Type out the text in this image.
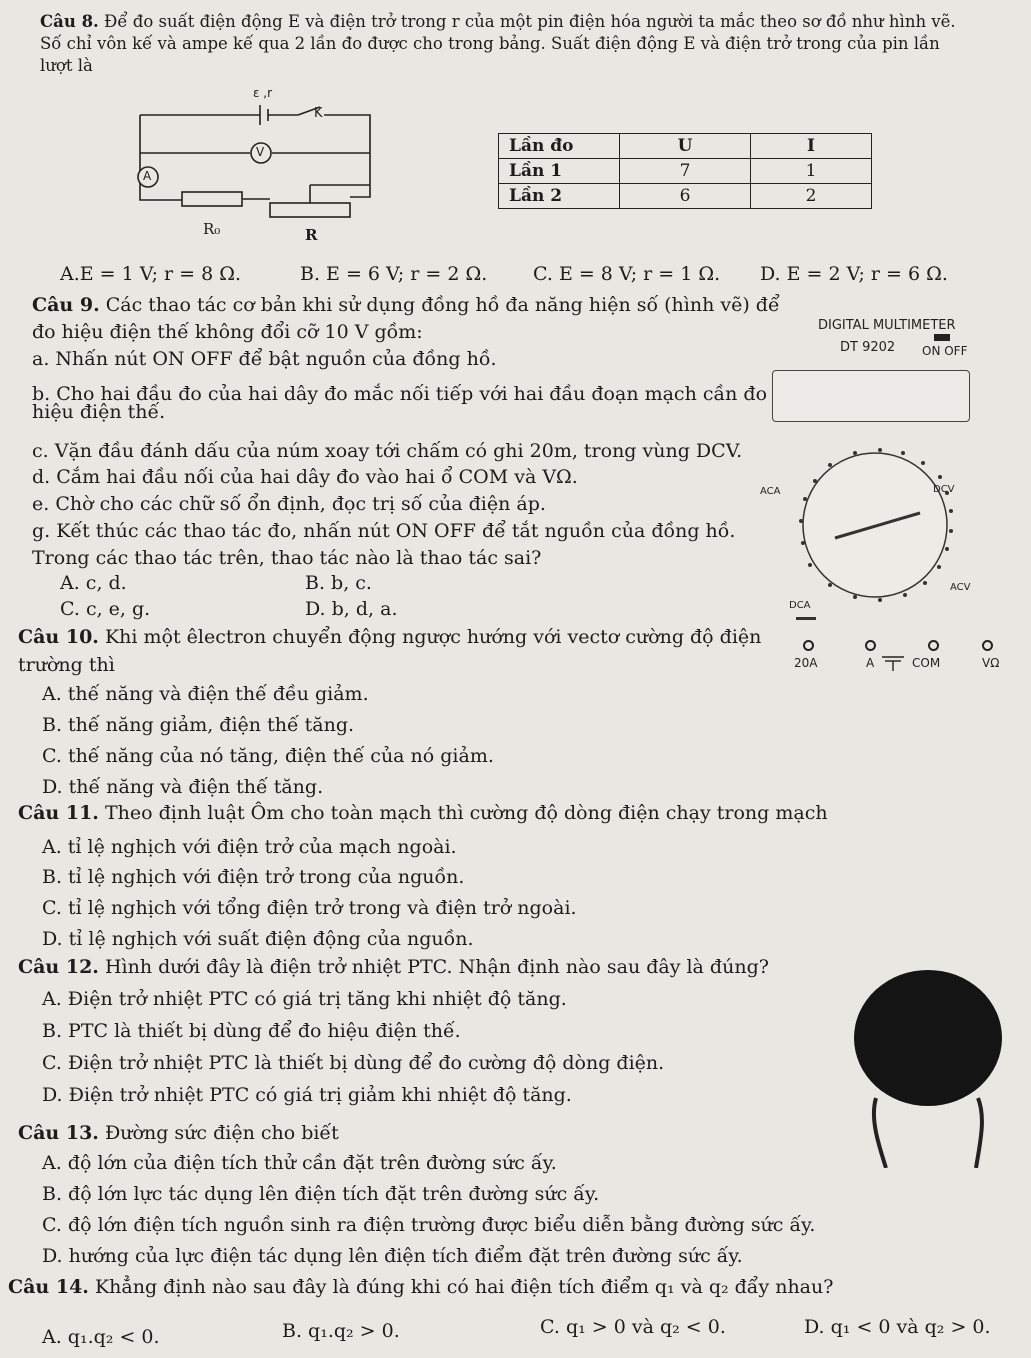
Câu 8. Để đo suất điện động E và điện trở trong r của một pin điện hóa người ta mắc theo sơ đồ như hình vẽ.
Số chỉ vôn kế và ampe kế qua 2 lần đo được cho trong bảng. Suất điện động E và điện trở trong của pin lần
lượt là
ε ,r
K
V
A
R₀	R
Lần đo	U	I
Lần 1	7	1
Lần 2	6	2
A.E = 1 V; r = 8 Ω.	B. E = 6 V; r = 2 Ω. C. E = 8 V; r = 1 Ω. D. E = 2 V; r = 6 Ω.
Câu 9. Các thao tác cơ bản khi sử dụng đồng hồ đa năng hiện số (hình vẽ) để
đo hiệu điện thế không đổi cỡ 10 V gồm:
a. Nhấn nút ON OFF để bật nguồn của đồng hồ.
b. Cho hai đầu đo của hai dây đo mắc nối tiếp với hai đầu đoạn mạch cần đo
hiệu điện thế.
c. Vặn đầu đánh dấu của núm xoay tới chấm có ghi 20m, trong vùng DCV.
d. Cắm hai đầu nối của hai dây đo vào hai ổ COM và VΩ.
e. Chờ cho các chữ số ổn định, đọc trị số của điện áp.
g. Kết thúc các thao tác đo, nhấn nút ON OFF để tắt nguồn của đồng hồ.
Trong các thao tác trên, thao tác nào là thao tác sai?
A. c, d.	B. b, c.
C. c, e, g.	D. b, d, a.
DIGITAL MULTIMETER
DT 9202 ON OFF
DCV
ACV
ACA
DCA
20A	A	COM	VΩ
Câu 10. Khi một êlectron chuyển động ngược hướng với vectơ cường độ điện
trường thì
A. thế năng và điện thế đều giảm.
B. thế năng giảm, điện thế tăng.
C. thế năng của nó tăng, điện thế của nó giảm.
D. thế năng và điện thế tăng.
Câu 11. Theo định luật Ôm cho toàn mạch thì cường độ dòng điện chạy trong mạch
A. tỉ lệ nghịch với điện trở của mạch ngoài.
B. tỉ lệ nghịch với điện trở trong của nguồn.
C. tỉ lệ nghịch với tổng điện trở trong và điện trở ngoài.
D. tỉ lệ nghịch với suất điện động của nguồn.
Câu 12. Hình dưới đây là điện trở nhiệt PTC. Nhận định nào sau đây là đúng?
A. Điện trở nhiệt PTC có giá trị tăng khi nhiệt độ tăng.
B. PTC là thiết bị dùng để đo hiệu điện thế.
C. Điện trở nhiệt PTC là thiết bị dùng để đo cường độ dòng điện.
D. Điện trở nhiệt PTC có giá trị giảm khi nhiệt độ tăng.
Câu 13. Đường sức điện cho biết
A. độ lớn của điện tích thử cần đặt trên đường sức ấy.
B. độ lớn lực tác dụng lên điện tích đặt trên đường sức ấy.
C. độ lớn điện tích nguồn sinh ra điện trường được biểu diễn bằng đường sức ấy.
D. hướng của lực điện tác dụng lên điện tích điểm đặt trên đường sức ấy.
Câu 14. Khẳng định nào sau đây là đúng khi có hai điện tích điểm q₁ và q₂ đẩy nhau?
A. q₁.q₂ < 0.	B. q₁.q₂ > 0.	C. q₁ > 0 và q₂ < 0.	D. q₁ < 0 và q₂ > 0.
